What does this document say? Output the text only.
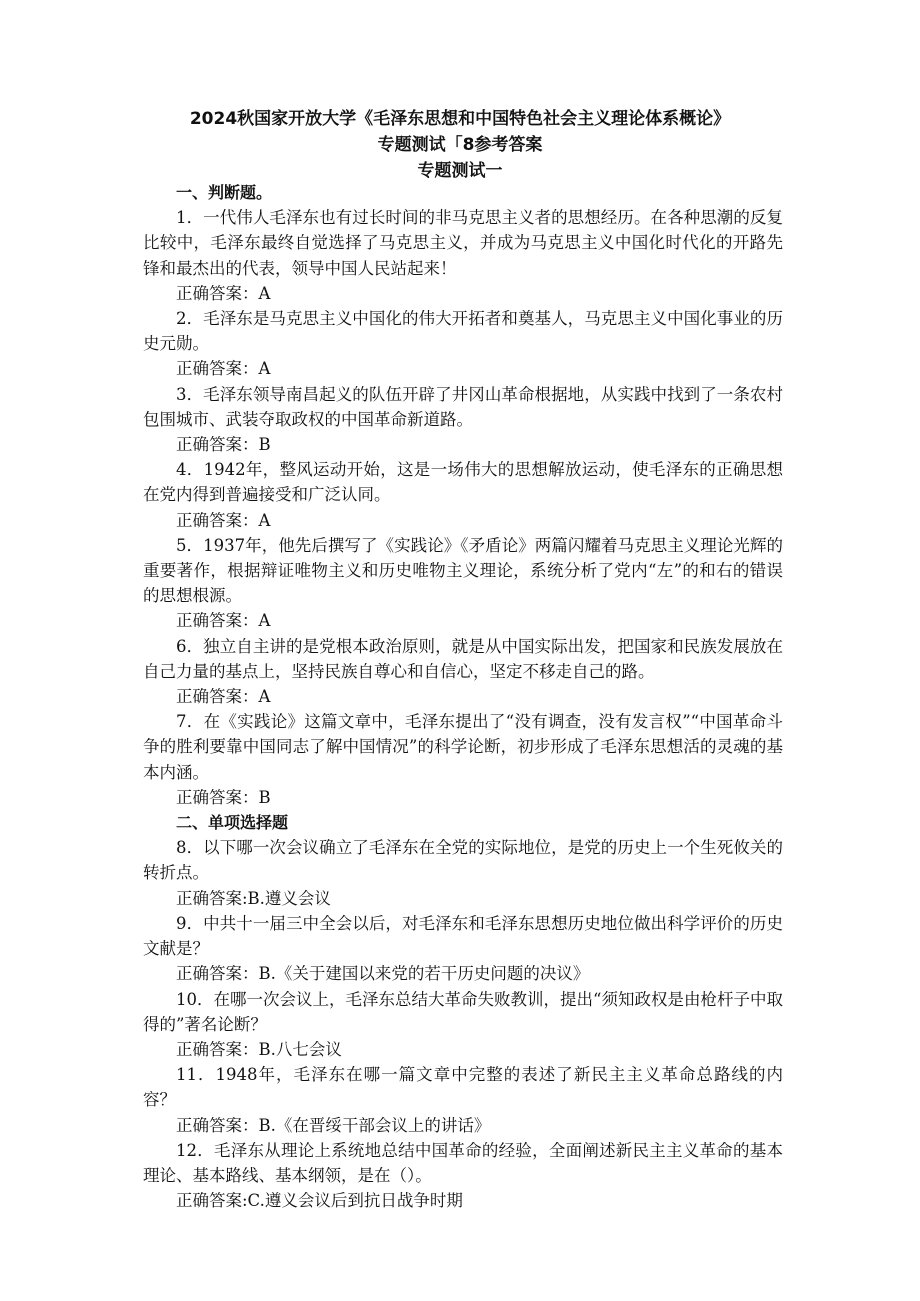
2024秋国家开放大学《毛泽东思想和中国特色社会主义理论体系概论》
专题测试「8参考答案
专题测试一

一、判断题。

1．一代伟人毛泽东也有过长时间的非马克思主义者的思想经历。在各种思潮的反复比较中，毛泽东最终自觉选择了马克思主义，并成为马克思主义中国化时代化的开路先锋和最杰出的代表，领导中国人民站起来！

正确答案：A

2．毛泽东是马克思主义中国化的伟大开拓者和奠基人，马克思主义中国化事业的历史元勋。

正确答案：A

3．毛泽东领导南昌起义的队伍开辟了井冈山革命根据地，从实践中找到了一条农村包围城市、武装夺取政权的中国革命新道路。

正确答案：B

4．1942年，整风运动开始，这是一场伟大的思想解放运动，使毛泽东的正确思想在党内得到普遍接受和广泛认同。

正确答案：A

5．1937年，他先后撰写了《实践论》《矛盾论》两篇闪耀着马克思主义理论光辉的重要著作，根据辩证唯物主义和历史唯物主义理论，系统分析了党内“左”的和右的错误的思想根源。

正确答案：A

6．独立自主讲的是党根本政治原则，就是从中国实际出发，把国家和民族发展放在自己力量的基点上，坚持民族自尊心和自信心，坚定不移走自己的路。

正确答案：A

7．在《实践论》这篇文章中，毛泽东提出了“没有调查，没有发言权”“中国革命斗争的胜利要靠中国同志了解中国情况”的科学论断，初步形成了毛泽东思想活的灵魂的基本内涵。

正确答案：B

二、单项选择题

8．以下哪一次会议确立了毛泽东在全党的实际地位，是党的历史上一个生死攸关的转折点。

正确答案:B.遵义会议

9．中共十一届三中全会以后，对毛泽东和毛泽东思想历史地位做出科学评价的历史文献是？

正确答案：B.《关于建国以来党的若干历史问题的决议》

10．在哪一次会议上，毛泽东总结大革命失败教训，提出“须知政权是由枪杆子中取得的”著名论断？

正确答案：B.八七会议

11．1948年，毛泽东在哪一篇文章中完整的表述了新民主主义革命总路线的内容？

正确答案：B.《在晋绥干部会议上的讲话》

12．毛泽东从理论上系统地总结中国革命的经验，全面阐述新民主主义革命的基本理论、基本路线、基本纲领，是在（）。

正确答案:C.遵义会议后到抗日战争时期
